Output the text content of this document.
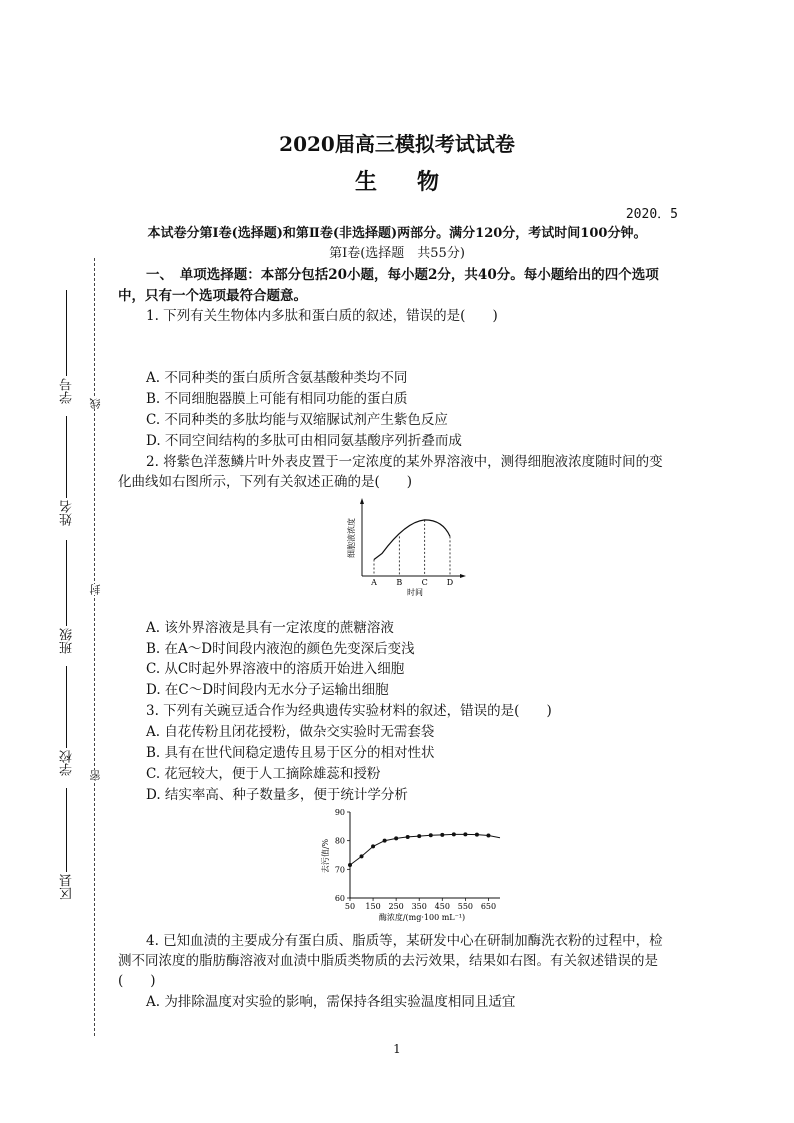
2020届高三模拟考试试卷
生物
2020．5
本试卷分第Ⅰ卷(选择题)和第Ⅱ卷(非选择题)两部分。满分120分，考试时间100分钟。
第Ⅰ卷(选择题　共55分)
学号
姓名
班级
学校
区县
线
封
密
一、　单项选择题：本部分包括20小题，每小题2分，共40分。每小题给出的四个选项
中，只有一个选项最符合题意。
1. 下列有关生物体内多肽和蛋白质的叙述，错误的是(　　)
A. 不同种类的蛋白质所含氨基酸种类均不同
B. 不同细胞器膜上可能有相同功能的蛋白质
C. 不同种类的多肽均能与双缩脲试剂产生紫色反应
D. 不同空间结构的多肽可由相同氨基酸序列折叠而成
2. 将紫色洋葱鳞片叶外表皮置于一定浓度的某外界溶液中，测得细胞液浓度随时间的变
化曲线如右图所示，下列有关叙述正确的是(　　)
A B C D
细胞液浓度
时间
A. 该外界溶液是具有一定浓度的蔗糖溶液
B. 在A～D时间段内液泡的颜色先变深后变浅
C. 从C时起外界溶液中的溶质开始进入细胞
D. 在C～D时间段内无水分子运输出细胞
3. 下列有关豌豆适合作为经典遗传实验材料的叙述，错误的是(　　)
A. 自花传粉且闭花授粉，做杂交实验时无需套袋
B. 具有在世代间稳定遗传且易于区分的相对性状
C. 花冠较大，便于人工摘除雄蕊和授粉
D. 结实率高、种子数量多，便于统计学分析
60
70
80
90
50 150 250 350 450 550 650
去污值/%
酶浓度/(mg·100 mL⁻¹)
4. 已知血渍的主要成分有蛋白质、脂质等，某研发中心在研制加酶洗衣粉的过程中，检
测不同浓度的脂肪酶溶液对血渍中脂质类物质的去污效果，结果如右图。有关叙述错误的是
(　　)
A. 为排除温度对实验的影响，需保持各组实验温度相同且适宜
1
